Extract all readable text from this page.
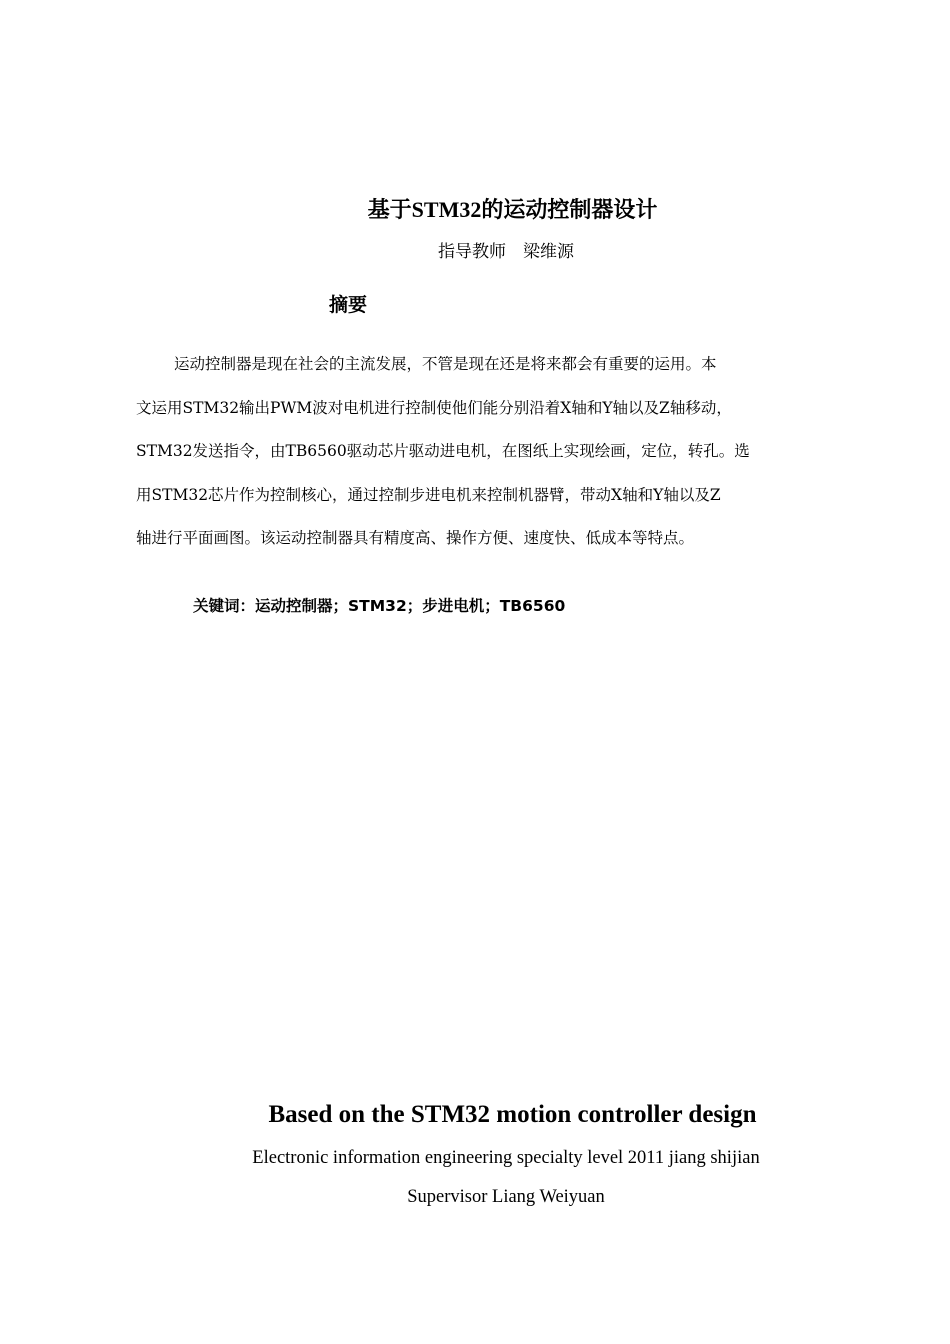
基于STM32的运动控制器设计
指导教师　梁维源
摘要
运动控制器是现在社会的主流发展，不管是现在还是将来都会有重要的运用。本
文运用STM32输出PWM波对电机进行控制使他们能分别沿着X轴和Y轴以及Z轴移动，
STM32发送指令，由TB6560驱动芯片驱动进电机，在图纸上实现绘画，定位，转孔。选
用STM32芯片作为控制核心，通过控制步进电机来控制机器臂，带动X轴和Y轴以及Z
轴进行平面画图。该运动控制器具有精度高、操作方便、速度快、低成本等特点。
关键词：运动控制器；STM32；步进电机；TB6560
Based on the STM32 motion controller design
Electronic information engineering specialty level 2011 jiang shijian
Supervisor Liang Weiyuan
